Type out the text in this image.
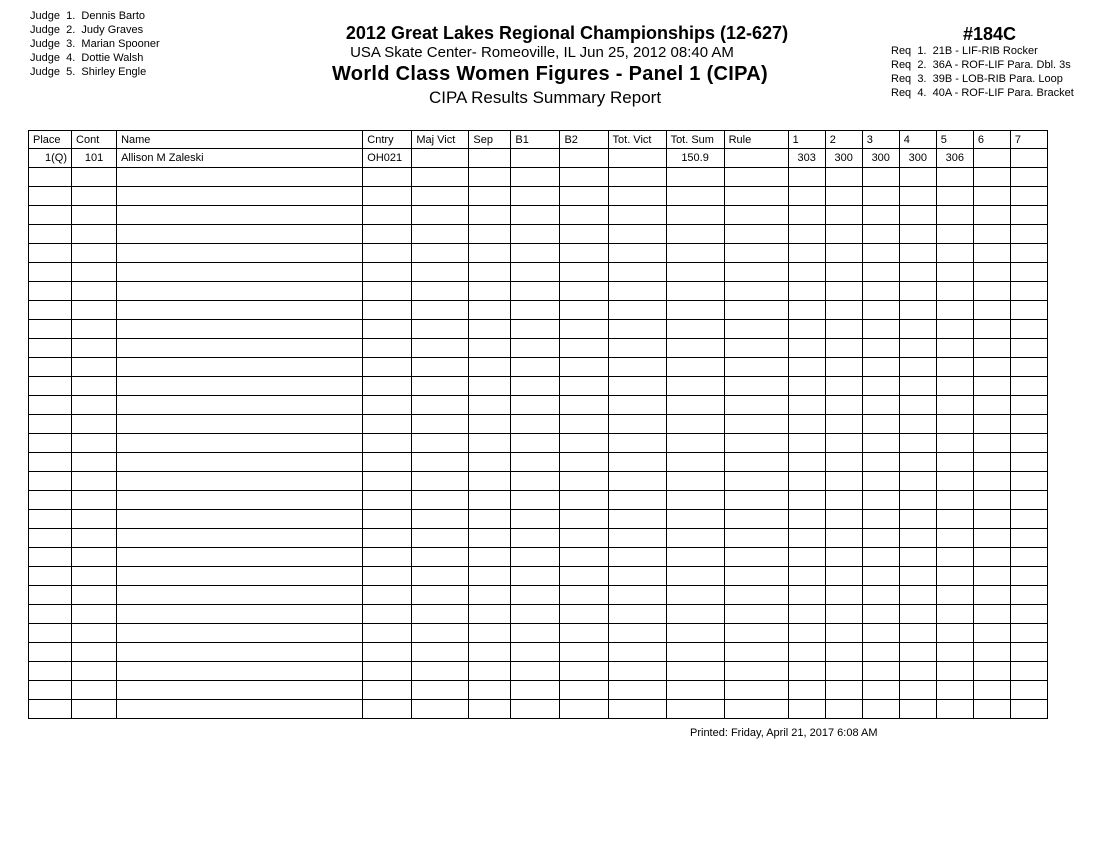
Judge 1. Dennis Barto
Judge 2. Judy Graves
Judge 3. Marian Spooner
Judge 4. Dottie Walsh
Judge 5. Shirley Engle
2012 Great Lakes Regional Championships (12-627)
USA Skate Center- Romeoville, IL Jun 25, 2012 08:40 AM
World Class Women Figures - Panel 1 (CIPA)
CIPA Results Summary Report
#184C
Req 1. 21B - LIF-RIB Rocker
Req 2. 36A - ROF-LIF Para. Dbl. 3s
Req 3. 39B - LOB-RIB Para. Loop
Req 4. 40A - ROF-LIF Para. Bracket
Place	Cont	Name	Cntry	Maj Vict	Sep	B1	B2	Tot. Vict	Tot. Sum	Rule	1	2	3	4	5	6	7
1(Q)	101	Allison M Zaleski	OH021						150.9		303	300	300	300	306		

Printed: Friday, April 21, 2017 6:08 AM
